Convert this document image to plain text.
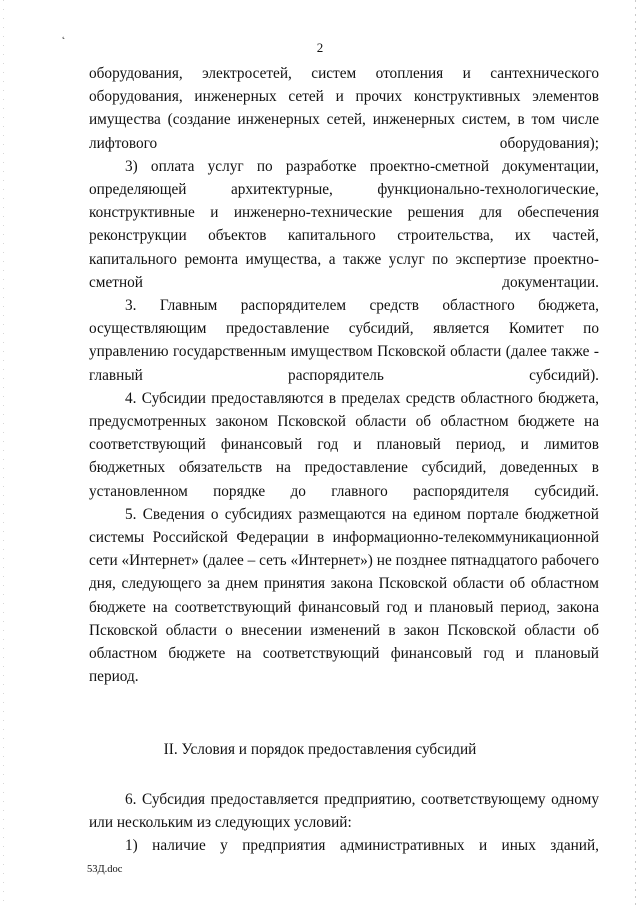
˛
2

оборудования, электросетей, систем отопления и сантехнического оборудования, инженерных сетей и прочих конструктивных элементов имущества (создание инженерных сетей, инженерных систем, в том числе лифтового оборудования);

3) оплата услуг по разработке проектно-сметной документации, определяющей архитектурные, функционально-технологические, конструктивные и инженерно-технические решения для обеспечения реконструкции объектов капитального строительства, их частей, капитального ремонта имущества, а также услуг по экспертизе проектно-сметной документации.

3. Главным распорядителем средств областного бюджета, осуществляющим предоставление субсидий, является Комитет по управлению государственным имуществом Псковской области (далее также - главный распорядитель субсидий).

4. Субсидии предоставляются в пределах средств областного бюджета, предусмотренных законом Псковской области об областном бюджете на соответствующий финансовый год и плановый период, и лимитов бюджетных обязательств на предоставление субсидий, доведенных в установленном порядке до главного распорядителя субсидий.

5. Сведения о субсидиях размещаются на едином портале бюджетной системы Российской Федерации в информационно-телекоммуникационной сети «Интернет» (далее – сеть «Интернет») не позднее пятнадцатого рабочего дня, следующего за днем принятия закона Псковской области об областном бюджете на соответствующий финансовый год и плановый период, закона Псковской области о внесении изменений в закон Псковской области об областном бюджете на соответствующий финансовый год и плановый период.

II. Условия и порядок предоставления субсидий

6. Субсидия предоставляется предприятию, соответствующему одному или нескольким из следующих условий:

1) наличие у предприятия административных и иных зданий,

53Д.doc
